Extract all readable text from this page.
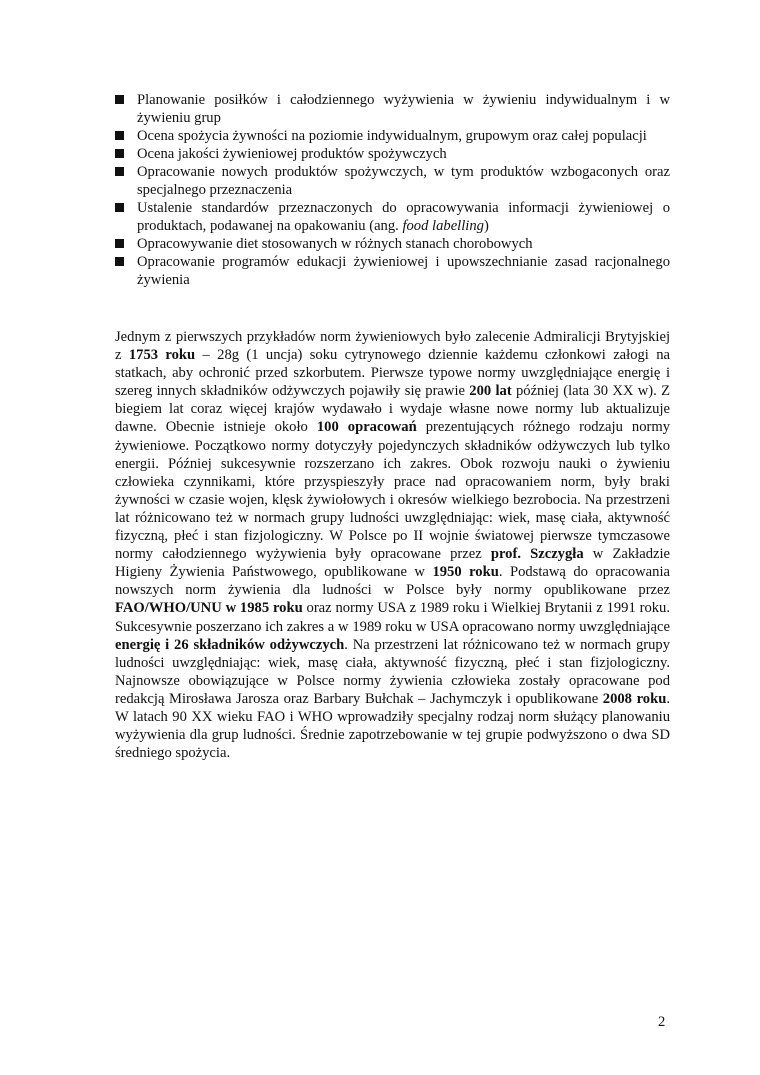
Planowanie posiłków i całodziennego wyżywienia w żywieniu indywidualnym i w żywieniu grup
Ocena spożycia żywności na poziomie indywidualnym, grupowym oraz całej populacji
Ocena jakości żywieniowej produktów spożywczych
Opracowanie nowych produktów spożywczych, w tym produktów wzbogaconych oraz specjalnego przeznaczenia
Ustalenie standardów przeznaczonych do opracowywania informacji żywieniowej o produktach, podawanej na opakowaniu (ang. food labelling)
Opracowywanie diet stosowanych w różnych stanach chorobowych
Opracowanie programów edukacji żywieniowej i upowszechnianie zasad racjonalnego żywienia

Jednym z pierwszych przykładów norm żywieniowych było zalecenie Admiralicji Brytyjskiej z 1753 roku – 28g (1 uncja) soku cytrynowego dziennie każdemu członkowi załogi na statkach, aby ochronić przed szkorbutem. Pierwsze typowe normy uwzględniające energię i szereg innych składników odżywczych pojawiły się prawie 200 lat później (lata 30 XX w). Z biegiem lat coraz więcej krajów wydawało i wydaje własne nowe normy lub aktualizuje dawne. Obecnie istnieje około 100 opracowań prezentujących różnego rodzaju normy żywieniowe. Początkowo normy dotyczyły pojedynczych składników odżywczych lub tylko energii. Później sukcesywnie rozszerzano ich zakres. Obok rozwoju nauki o żywieniu człowieka czynnikami, które przyspieszyły prace nad opracowaniem norm, były braki żywności w czasie wojen, klęsk żywiołowych i okresów wielkiego bezrobocia. Na przestrzeni lat różnicowano też w normach grupy ludności uwzględniając: wiek, masę ciała, aktywność fizyczną, płeć i stan fizjologiczny. W Polsce po II wojnie światowej pierwsze tymczasowe normy całodziennego wyżywienia były opracowane przez prof. Szczygła w Zakładzie Higieny Żywienia Państwowego, opublikowane w 1950 roku. Podstawą do opracowania nowszych norm żywienia dla ludności w Polsce były normy opublikowane przez FAO/WHO/UNU w 1985 roku oraz normy USA z 1989 roku i Wielkiej Brytanii z 1991 roku. Sukcesywnie poszerzano ich zakres a w 1989 roku w USA opracowano normy uwzględniające energię i 26 składników odżywczych. Na przestrzeni lat różnicowano też w normach grupy ludności uwzględniając: wiek, masę ciała, aktywność fizyczną, płeć i stan fizjologiczny. Najnowsze obowiązujące w Polsce normy żywienia człowieka zostały opracowane pod redakcją Mirosława Jarosza oraz Barbary Bułchak – Jachymczyk i opublikowane 2008 roku. W latach 90 XX wieku FAO i WHO wprowadziły specjalny rodzaj norm służący planowaniu wyżywienia dla grup ludności. Średnie zapotrzebowanie w tej grupie podwyższono o dwa SD średniego spożycia.

2
